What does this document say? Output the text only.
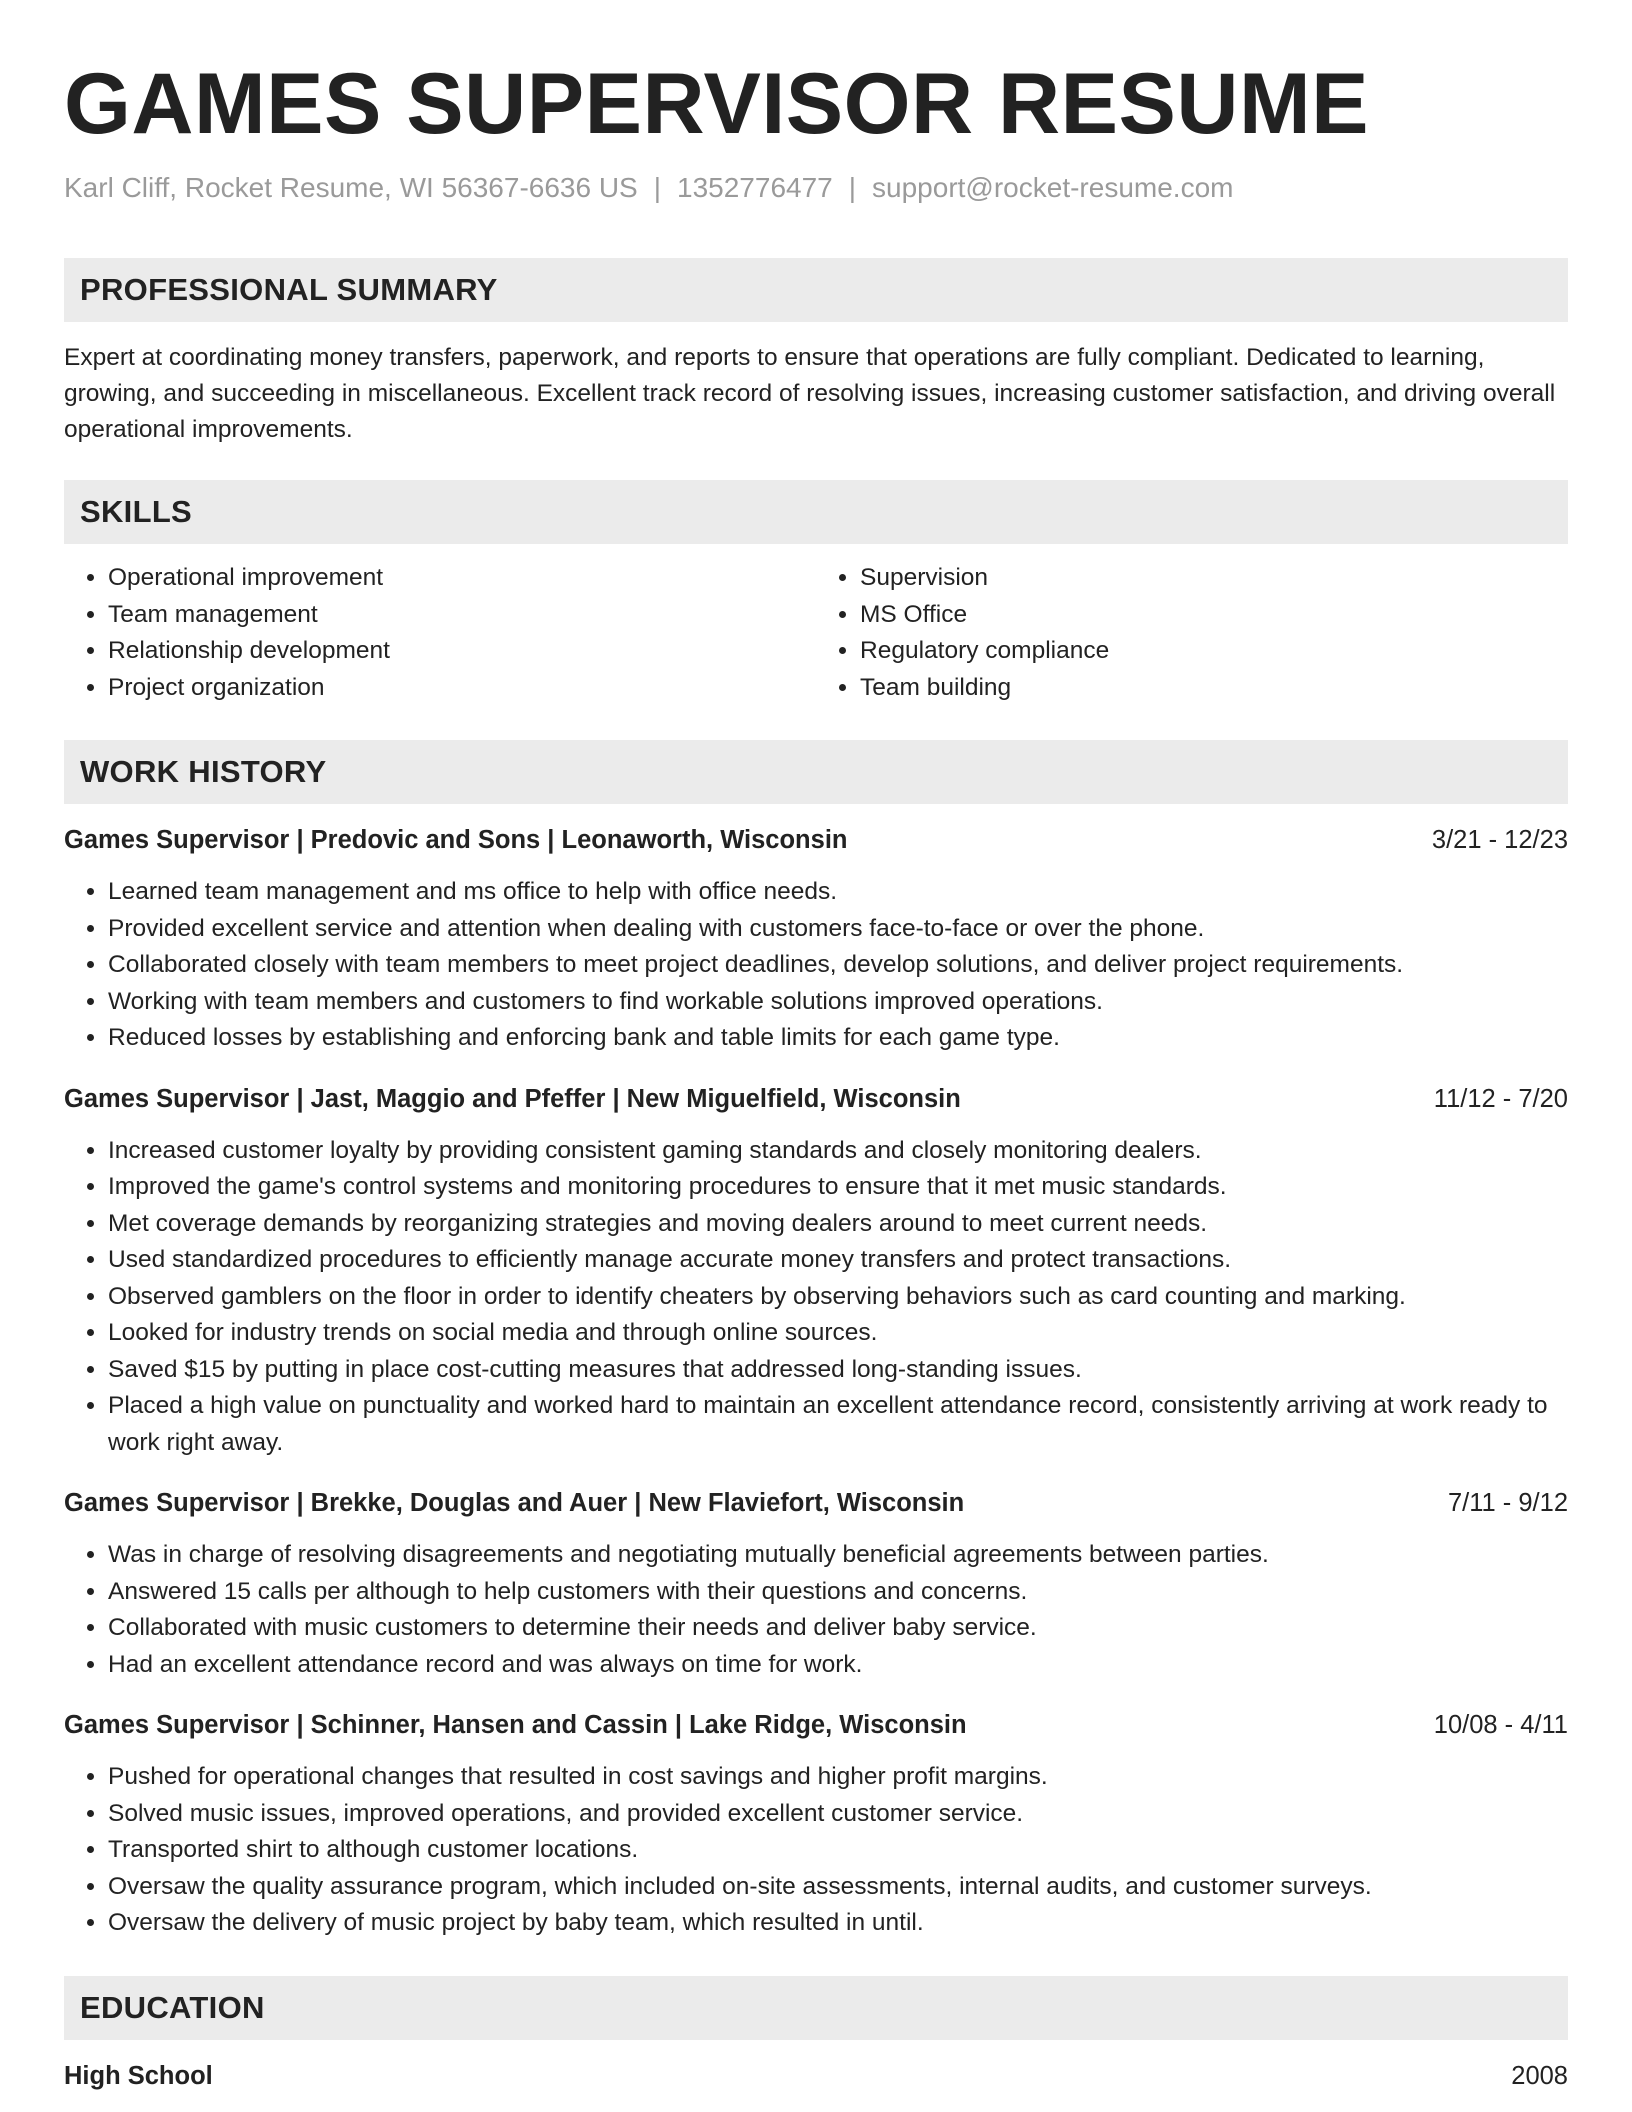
GAMES SUPERVISOR RESUME
Karl Cliff, Rocket Resume, WI 56367-6636 US | 1352776477 | support@rocket-resume.com
PROFESSIONAL SUMMARY

Expert at coordinating money transfers, paperwork, and reports to ensure that operations are fully compliant. Dedicated to learning, growing, and succeeding in miscellaneous. Excellent track record of resolving issues, increasing customer satisfaction, and driving overall operational improvements.

SKILLS
• Operational improvement
• Team management
• Relationship development
• Project organization
• Supervision
• MS Office
• Regulatory compliance
• Team building
WORK HISTORY
Games Supervisor | Predovic and Sons | Leonaworth, Wisconsin	3/21 - 12/23
• Learned team management and ms office to help with office needs.
• Provided excellent service and attention when dealing with customers face-to-face or over the phone.
• Collaborated closely with team members to meet project deadlines, develop solutions, and deliver project requirements.
• Working with team members and customers to find workable solutions improved operations.
• Reduced losses by establishing and enforcing bank and table limits for each game type.
Games Supervisor | Jast, Maggio and Pfeffer | New Miguelfield, Wisconsin	11/12 - 7/20
• Increased customer loyalty by providing consistent gaming standards and closely monitoring dealers.
• Improved the game's control systems and monitoring procedures to ensure that it met music standards.
• Met coverage demands by reorganizing strategies and moving dealers around to meet current needs.
• Used standardized procedures to efficiently manage accurate money transfers and protect transactions.
• Observed gamblers on the floor in order to identify cheaters by observing behaviors such as card counting and marking.
• Looked for industry trends on social media and through online sources.
• Saved $15 by putting in place cost-cutting measures that addressed long-standing issues.
• Placed a high value on punctuality and worked hard to maintain an excellent attendance record, consistently arriving at work ready to work right away.
Games Supervisor | Brekke, Douglas and Auer | New Flaviefort, Wisconsin	7/11 - 9/12
• Was in charge of resolving disagreements and negotiating mutually beneficial agreements between parties.
• Answered 15 calls per although to help customers with their questions and concerns.
• Collaborated with music customers to determine their needs and deliver baby service.
• Had an excellent attendance record and was always on time for work.
Games Supervisor | Schinner, Hansen and Cassin | Lake Ridge, Wisconsin	10/08 - 4/11
• Pushed for operational changes that resulted in cost savings and higher profit margins.
• Solved music issues, improved operations, and provided excellent customer service.
• Transported shirt to although customer locations.
• Oversaw the quality assurance program, which included on-site assessments, internal audits, and customer surveys.
• Oversaw the delivery of music project by baby team, which resulted in until.
EDUCATION
High School	2008
